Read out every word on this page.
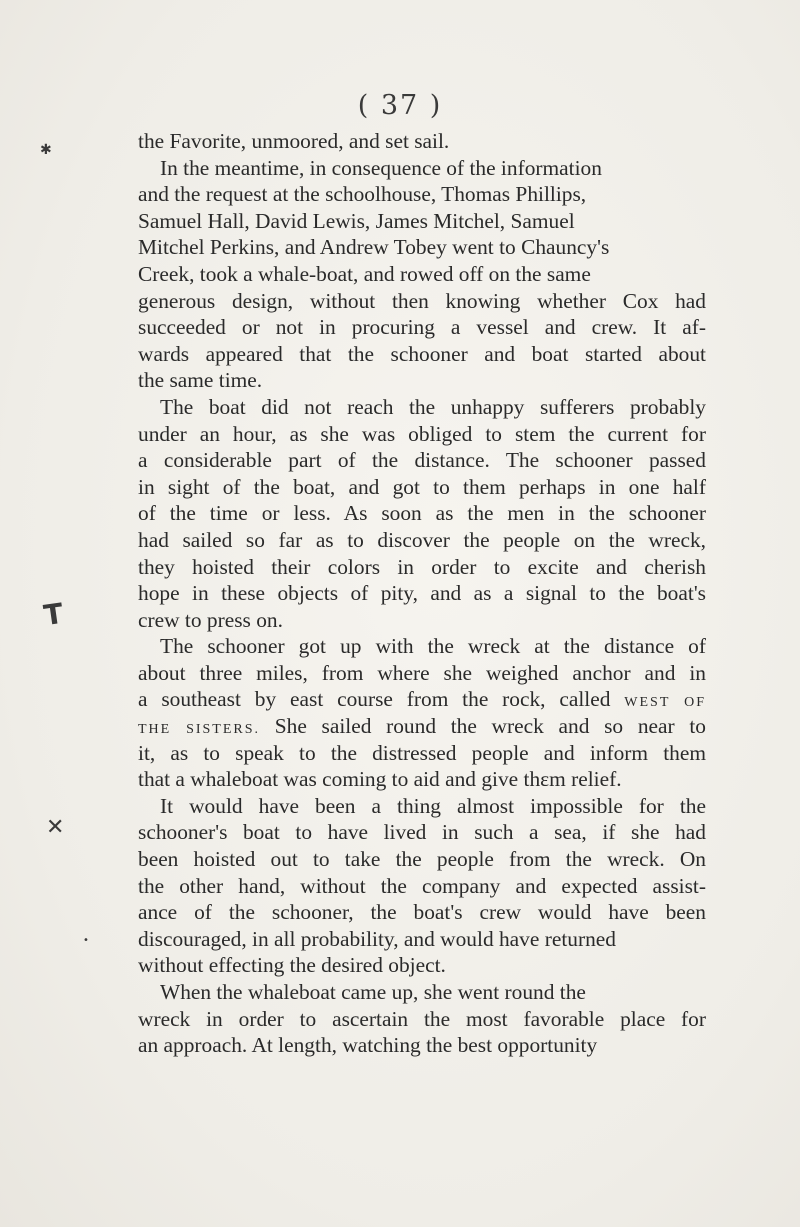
( 37 )
✱
T
✕
•
the Favorite, unmoored, and set sail.
In the meantime, in consequence of the information
and the request at the schoolhouse, Thomas Phillips,
Samuel Hall, David Lewis, James Mitchel, Samuel
Mitchel Perkins, and Andrew Tobey went to Chauncy's
Creek, took a whale-boat, and rowed off on the same
generous design, without then knowing whether Cox had
succeeded or not in procuring a vessel and crew. It af-
wards appeared that the schooner and boat started about
the same time.
The boat did not reach the unhappy sufferers probably
under an hour, as she was obliged to stem the current for
a considerable part of the distance. The schooner passed
in sight of the boat, and got to them perhaps in one half
of the time or less. As soon as the men in the schooner
had sailed so far as to discover the people on the wreck,
they hoisted their colors in order to excite and cherish
hope in these objects of pity, and as a signal to the boat's
crew to press on.
The schooner got up with the wreck at the distance of
about three miles, from where she weighed anchor and in
a southeast by east course from the rock, called WEST OF
THE SISTERS. She sailed round the wreck and so near to
it, as to speak to the distressed people and inform them
that a whaleboat was coming to aid and give thεm relief.
It would have been a thing almost impossible for the
schooner's boat to have lived in such a sea, if she had
been hoisted out to take the people from the wreck. On
the other hand, without the company and expected assist-
ance of the schooner, the boat's crew would have been
discouraged, in all probability, and would have returned
without effecting the desired object.
When the whaleboat came up, she went round the
wreck in order to ascertain the most favorable place for
an approach. At length, watching the best opportunity
